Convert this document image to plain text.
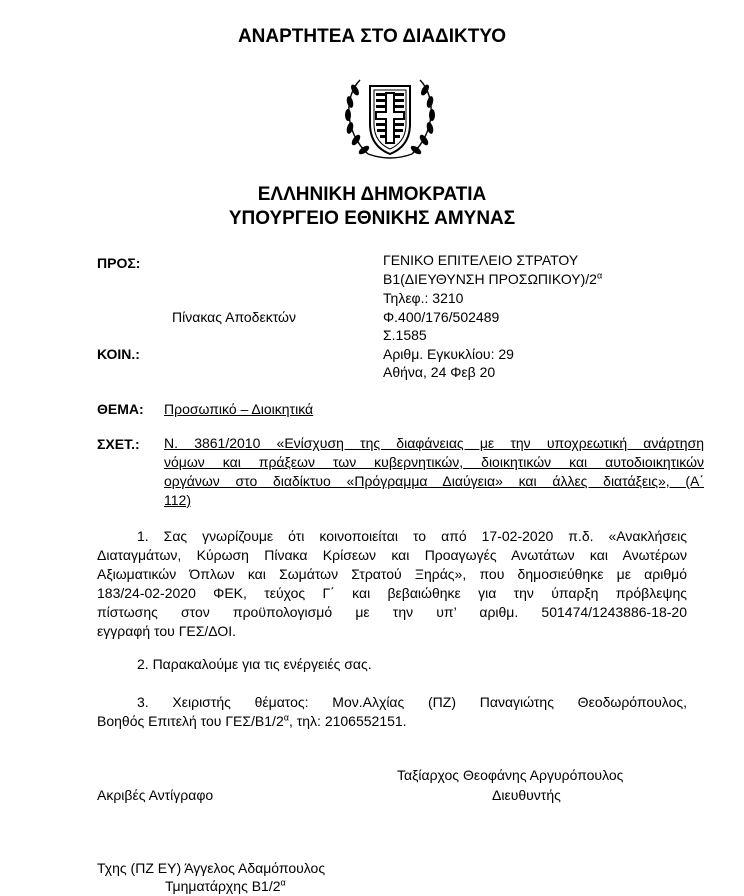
ΑΝΑΡΤΗΤΕΑ ΣΤΟ ΔΙΑΔΙΚΤΥΟ
ΕΛΛΗΝΙΚΗ ΔΗΜΟΚΡΑΤΙΑ
ΥΠΟΥΡΓΕΙΟ ΕΘΝΙΚΗΣ ΑΜΥΝΑΣ
ΠΡΟΣ:
Πίνακας Αποδεκτών
ΚΟΙΝ.:
ΓΕΝΙΚΟ ΕΠΙΤΕΛΕΙΟ ΣΤΡΑΤΟΥ
Β1(ΔΙΕΥΘΥΝΣΗ $\Pi PO\Sigma\Omega\Pi IKO\Upsilon)/2^\alpha$
Τηλεφ.: 3210
Φ.400/176/502489
Σ.1585
Αριθμ. Εγκυκλίου: 29
Αθήνα, 24 Φεβ 20
ΘΕΜΑ: Προσωπικό – Διοικητικά
ΣΧΕΤ.: Ν. 3861/2010 «Ενίσχυση της διαφάνειας με την υποχρεωτική ανάρτηση
νόμων και πράξεων των κυβερνητικών, διοικητικών και αυτοδιοικητικών
οργάνων στο διαδίκτυο «Πρόγραμμα Διαύγεια» και άλλες διατάξεις», (Α΄
112)
1. Σας γνωρίζουμε ότι κοινοποιείται το από 17-02-2020 π.δ. «Ανακλήσεις
Διαταγμάτων, Κύρωση Πίνακα Κρίσεων και Προαγωγές Ανωτάτων και Ανωτέρων
Αξιωματικών Όπλων και Σωμάτων Στρατού Ξηράς», που δημοσιεύθηκε με αριθμό
183/24-02-2020 ΦΕΚ, τεύχος Γ΄ και βεβαιώθηκε για την ύπαρξη πρόβλεψης
πίστωσης στον προϋπολογισμό με την υπ’ αριθμ. 501474/1243886-18-20
εγγραφή του ΓΕΣ/ΔΟΙ.
2. Παρακαλούμε για τις ενέργειές σας.
3. Χειριστής θέματος: Μον.Αλχίας (ΠΖ) Παναγιώτης Θεοδωρόπουλος,
Βοηθός Επιτελή του ΓΕΣ/$B1/2^\alpha$, τηλ: 2106552151.
Ταξίαρχος Θεοφάνης Αργυρόπουλος
Διευθυντής
Ακριβές Αντίγραφο
Τχης (ΠΖ ΕΥ) Άγγελος Αδαμόπουλος
Τμηματάρχης $B1/2^\alpha$
